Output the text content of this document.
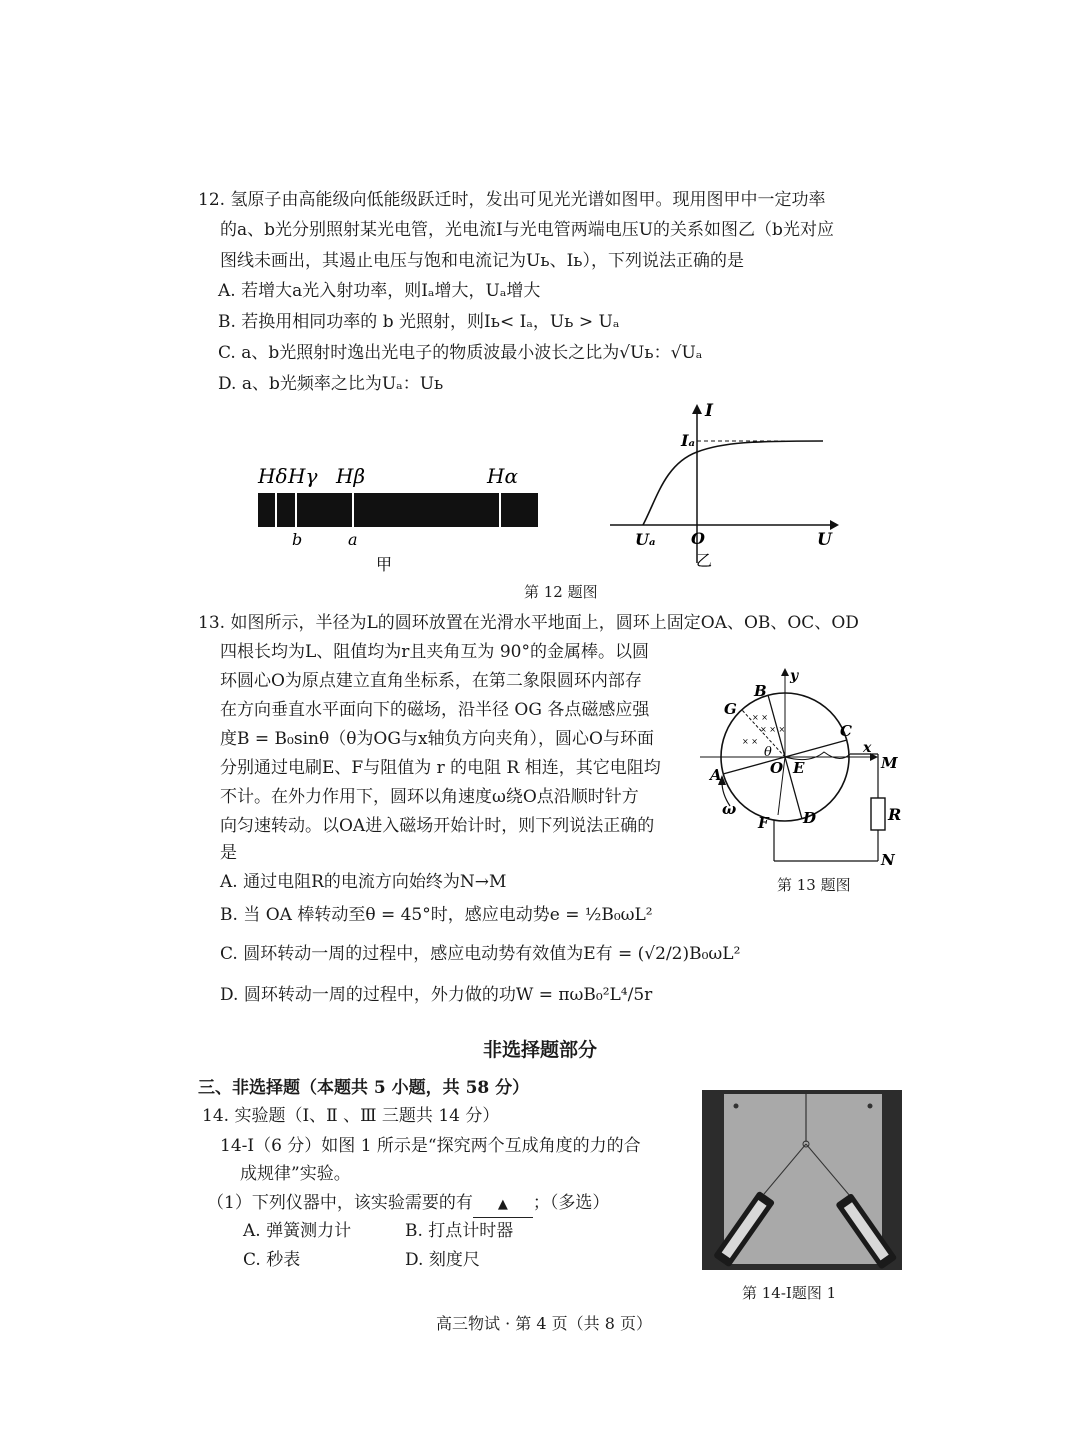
12. 氢原子由高能级向低能级跃迁时，发出可见光光谱如图甲。现用图甲中一定功率
的a、b光分别照射某光电管，光电流I与光电管两端电压U的关系如图乙（b光对应
图线未画出，其遏止电压与饱和电流记为Uь、Iь），下列说法正确的是
A. 若增大a光入射功率，则Iₐ增大，Uₐ增大
B. 若换用相同功率的 b 光照射，则Iь< Iₐ，Uь > Uₐ
C. a、b光照射时逸出光电子的物质波最小波长之比为√Uь：√Uₐ
D. a、b光频率之比为Uₐ：Uь
Hδ Hγ Hβ	Hα
b	a
甲
I
Iₐ
Uₐ O	U
乙
第 12 题图
13. 如图所示，半径为L的圆环放置在光滑水平地面上，圆环上固定OA、OB、OC、OD
四根长均为L、阻值均为r且夹角互为 90°的金属棒。以圆
环圆心O为原点建立直角坐标系，在第二象限圆环内部存
在方向垂直水平面向下的磁场，沿半径 OG 各点磁感应强
度B = B₀sinθ（θ为OG与x轴负方向夹角），圆心O与环面
分别通过电刷E、F与阻值为 r 的电阻 R 相连，其它电阻均
不计。在外力作用下，圆环以角速度ω绕O点沿顺时针方
向匀速转动。以OA进入磁场开始计时，则下列说法正确的
是
A. 通过电阻R的电流方向始终为N→M
B. 当 OA 棒转动至θ = 45°时，感应电动势e = ½B₀ωL²
C. 圆环转动一周的过程中，感应电动势有效值为E有 = (√2/2)B₀ωL²
D. 圆环转动一周的过程中，外力做的功W = πωB₀²L⁴/5r
× ×
× × ×
× ×
B
G
C
A
D
E
F
O	M
N
R
x
y
θ
ω
第 13 题图
非选择题部分
三、非选择题（本题共 5 小题，共 58 分）
14. 实验题（Ⅰ、Ⅱ 、Ⅲ 三题共 14 分）
14-Ⅰ（6 分）如图 1 所示是“探究两个互成角度的力的合
成规律”实验。
（1）下列仪器中，该实验需要的有 ▲ ；（多选）
A. 弹簧测力计	B. 打点计时器
C. 秒表	D. 刻度尺
第 14-Ⅰ题图 1
高三物试 · 第 4 页（共 8 页）
